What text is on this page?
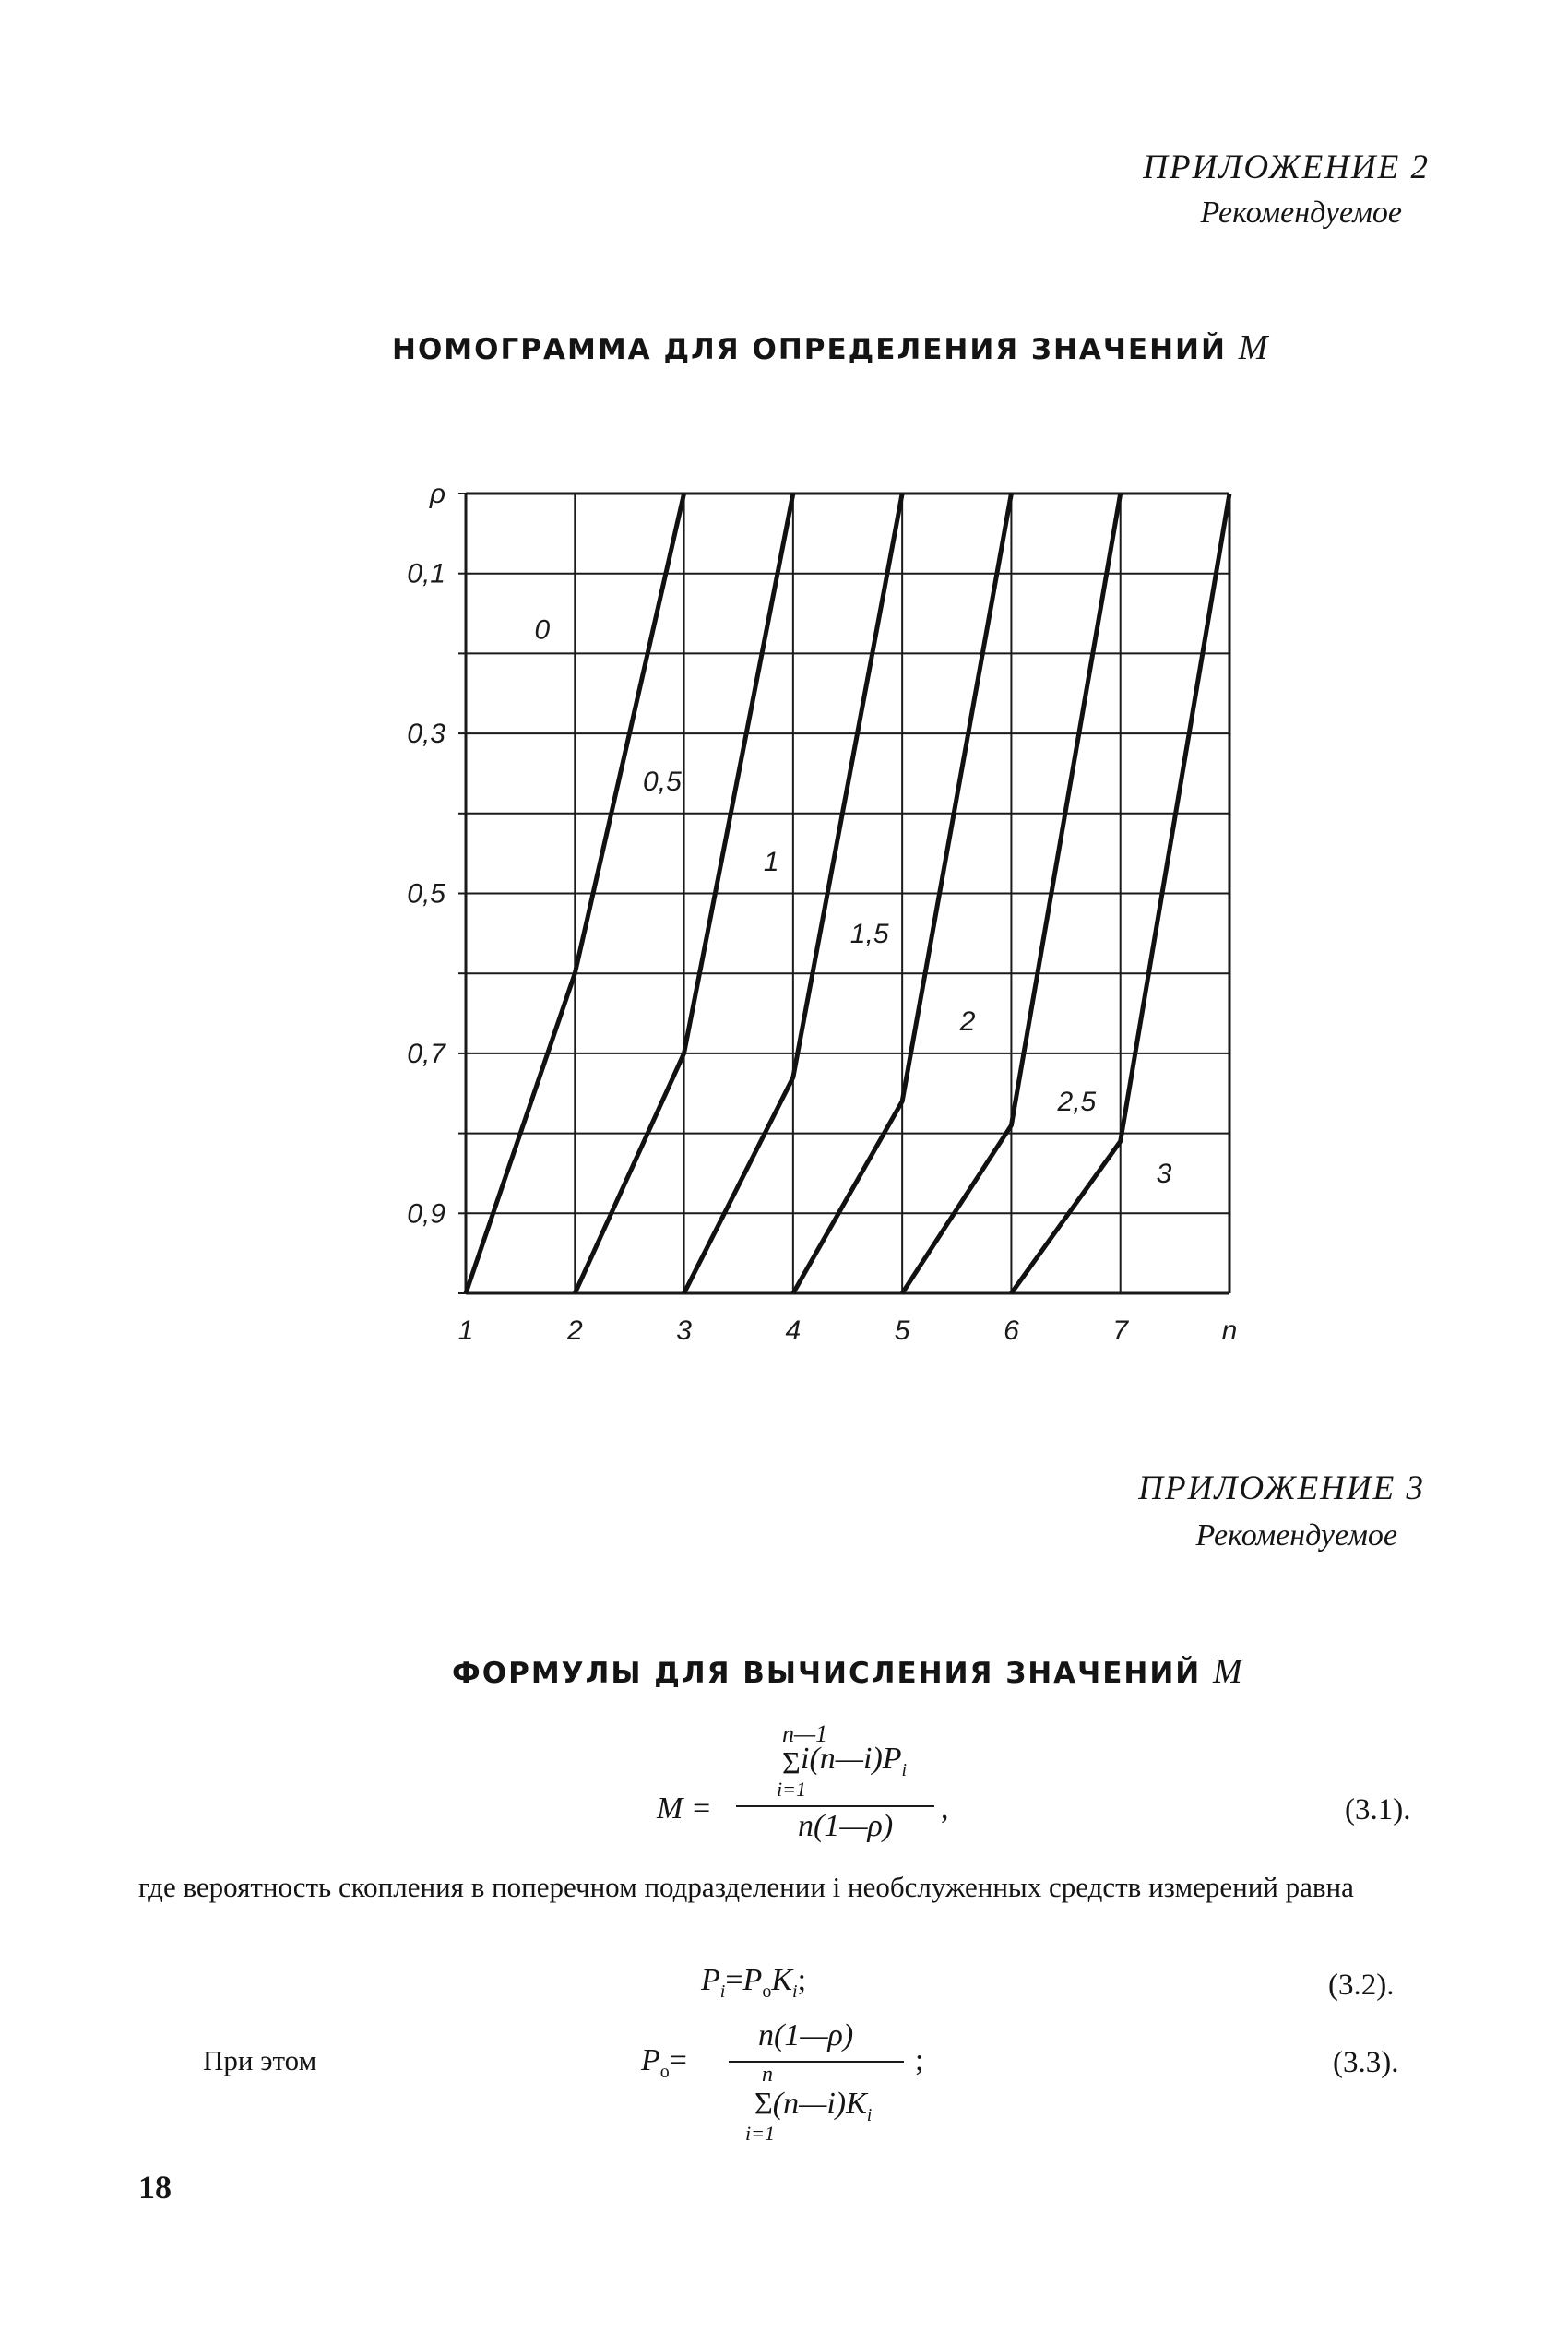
ПРИЛОЖЕНИЕ 2
Рекомендуемое
НОМОГРАММА ДЛЯ ОПРЕДЕЛЕНИЯ ЗНАЧЕНИЙ M
ρ
0,1
0,3
0,5
0,7
0,9
1	2	3	4	5	6	7	n
0
0,5
1
1,5
2
2,5
3
ПРИЛОЖЕНИЕ 3
Рекомендуемое
ФОРМУЛЫ ДЛЯ ВЫЧИСЛЕНИЯ ЗНАЧЕНИЙ M
n—1
Σ $i(n—i)P_i$
i=1
M =
n(1—ρ)
,	(3.1).
где вероятность скопления в поперечном подразделении i необслуженных средств измерений равна
$P_i=P_oK_i$;	(3.2).
При этом
n(1—ρ)
$P_o=$	;
n
$\Sigma(n—i)K_i$
i=1
(3.3).
18
